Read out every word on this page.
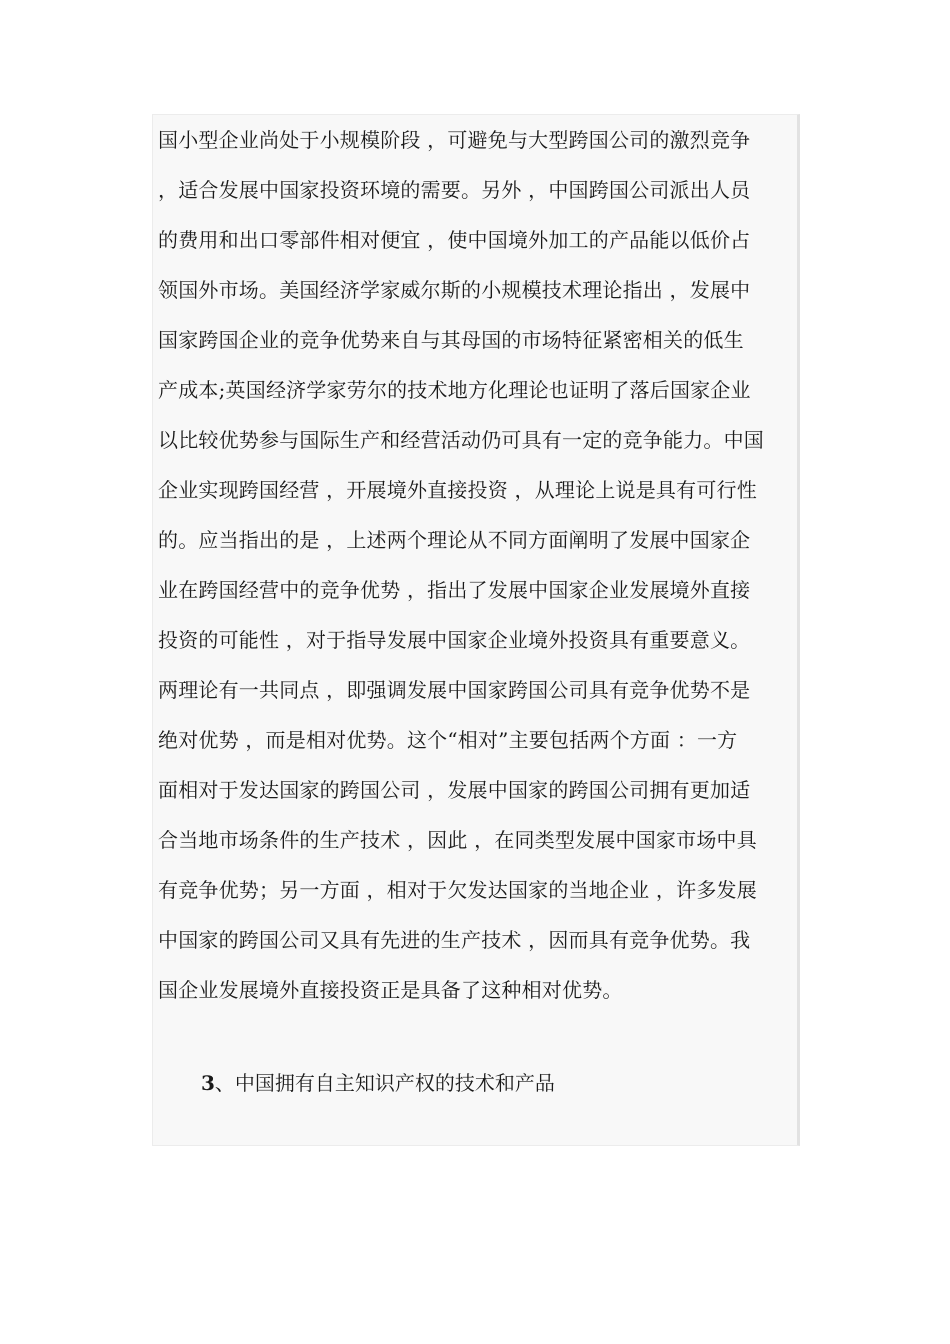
国小型企业尚处于小规模阶段 ，可避免与大型跨国公司的激烈竞争
，适合发展中国家投资环境的需要。另外 ，中国跨国公司派出人员
的费用和出口零部件相对便宜 ，使中国境外加工的产品能以低价占
领国外市场。美国经济学家威尔斯的小规模技术理论指出 ，发展中
国家跨国企业的竞争优势来自与其母国的市场特征紧密相关的低生
产成本;英国经济学家劳尔的技术地方化理论也证明了落后国家企业
以比较优势参与国际生产和经营活动仍可具有一定的竞争能力。中国
企业实现跨国经营 ，开展境外直接投资 ，从理论上说是具有可行性
的。应当指出的是 ，上述两个理论从不同方面阐明了发展中国家企
业在跨国经营中的竞争优势 ，指出了发展中国家企业发展境外直接
投资的可能性 ，对于指导发展中国家企业境外投资具有重要意义。
两理论有一共同点 ，即强调发展中国家跨国公司具有竞争优势不是
绝对优势 ，而是相对优势。这个“相对”主要包括两个方面 ：一方
面相对于发达国家的跨国公司 ，发展中国家的跨国公司拥有更加适
合当地市场条件的生产技术 ，因此 ，在同类型发展中国家市场中具
有竞争优势；另一方面 ，相对于欠发达国家的当地企业 ，许多发展
中国家的跨国公司又具有先进的生产技术 ，因而具有竞争优势。我
国企业发展境外直接投资正是具备了这种相对优势。
3、中国拥有自主知识产权的技术和产品
